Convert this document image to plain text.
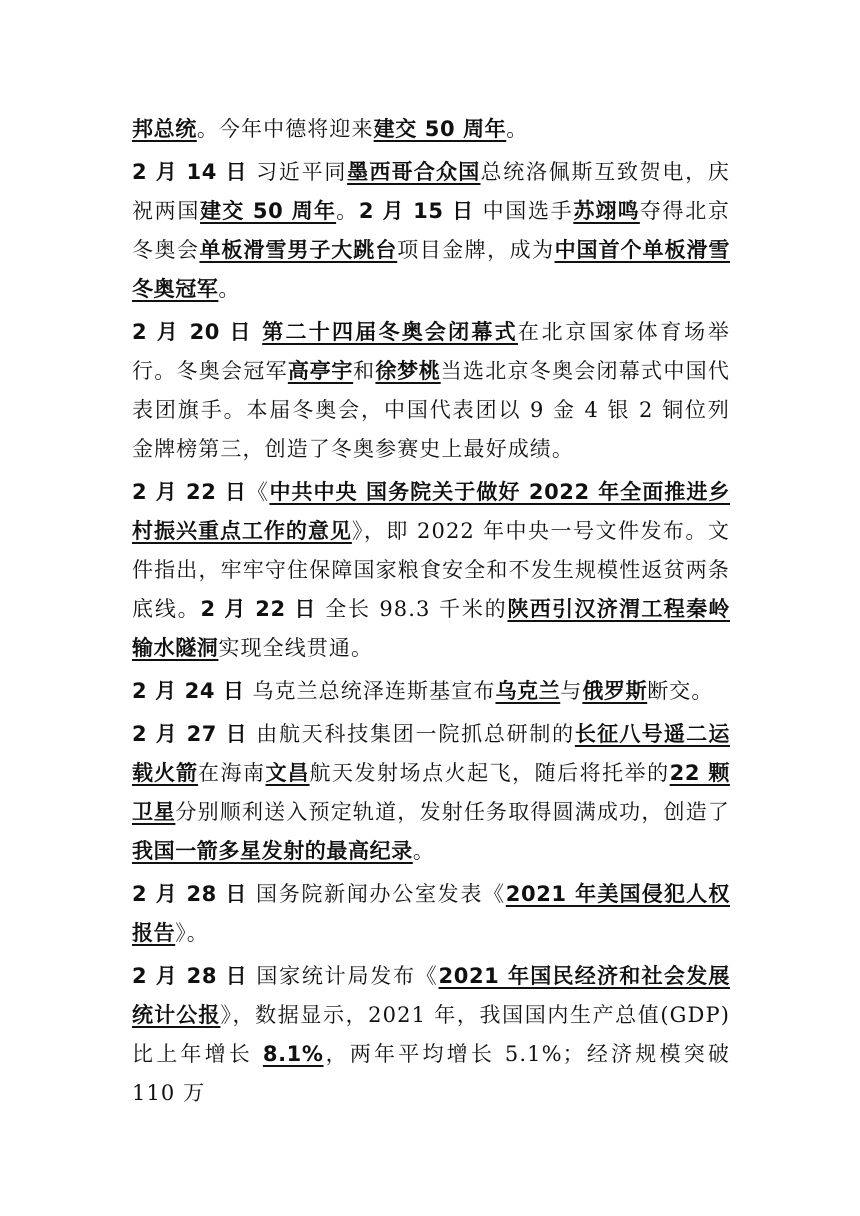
邦总统。今年中德将迎来建交 50 周年。

2 月 14 日 习近平同墨西哥合众国总统洛佩斯互致贺电，庆祝两国建交 50 周年。2 月 15 日 中国选手苏翊鸣夺得北京冬奥会单板滑雪男子大跳台项目金牌，成为中国首个单板滑雪冬奥冠军。

2 月 20 日 第二十四届冬奥会闭幕式在北京国家体育场举行。冬奥会冠军高亭宇和徐梦桃当选北京冬奥会闭幕式中国代表团旗手。本届冬奥会，中国代表团以 9 金 4 银 2 铜位列金牌榜第三，创造了冬奥参赛史上最好成绩。

2 月 22 日《中共中央 国务院关于做好 2022 年全面推进乡村振兴重点工作的意见》，即 2022 年中央一号文件发布。文件指出，牢牢守住保障国家粮食安全和不发生规模性返贫两条底线。2 月 22 日 全长 98.3 千米的陕西引汉济渭工程秦岭输水隧洞实现全线贯通。

2 月 24 日 乌克兰总统泽连斯基宣布乌克兰与俄罗斯断交。

2 月 27 日 由航天科技集团一院抓总研制的长征八号遥二运载火箭在海南文昌航天发射场点火起飞，随后将托举的22 颗卫星分别顺利送入预定轨道，发射任务取得圆满成功，创造了我国一箭多星发射的最高纪录。

2 月 28 日 国务院新闻办公室发表《2021 年美国侵犯人权报告》。

2 月 28 日 国家统计局发布《2021 年国民经济和社会发展统计公报》，数据显示，2021 年，我国国内生产总值(GDP)比上年增长 8.1%，两年平均增长 5.1%；经济规模突破 110 万
